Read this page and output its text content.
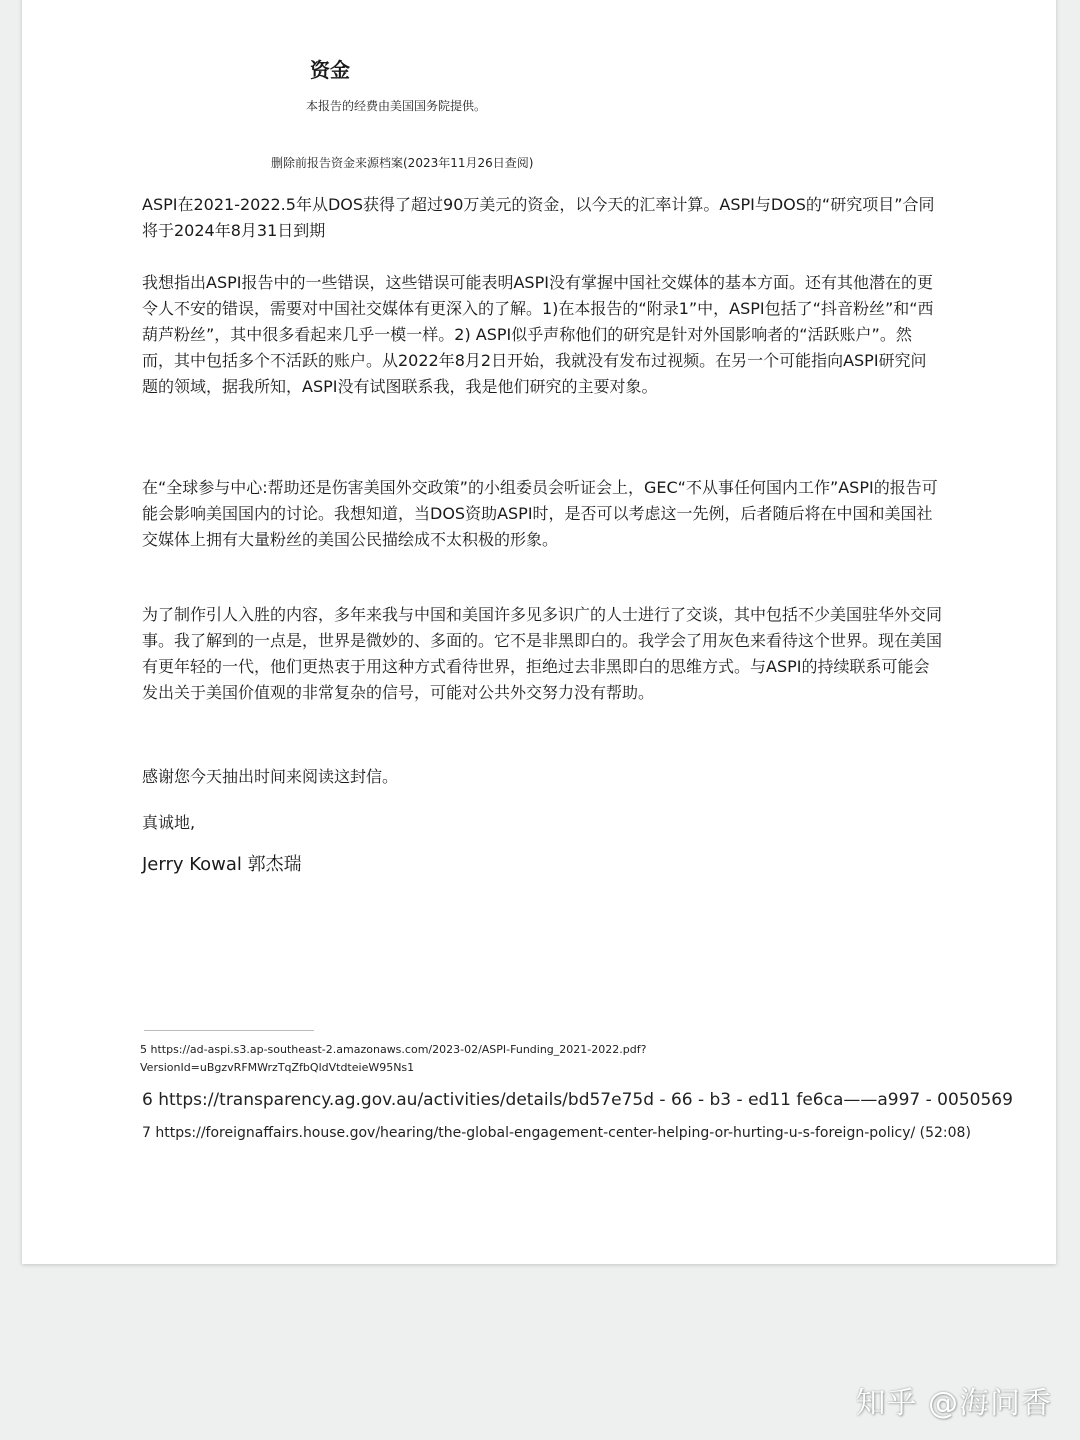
资金
本报告的经费由美国国务院提供。
删除前报告资金来源档案(2023年11月26日查阅)

ASPI在2021-2022.5年从DOS获得了超过90万美元的资金，以今天的汇率计算。ASPI与DOS的“研究项目”合同将于2024年8月31日到期

我想指出ASPI报告中的一些错误，这些错误可能表明ASPI没有掌握中国社交媒体的基本方面。还有其他潜在的更令人不安的错误，需要对中国社交媒体有更深入的了解。1)在本报告的“附录1”中，ASPI包括了“抖音粉丝”和“西葫芦粉丝”，其中很多看起来几乎一模一样。2) ASPI似乎声称他们的研究是针对外国影响者的“活跃账户”。然而，其中包括多个不活跃的账户。从2022年8月2日开始，我就没有发布过视频。在另一个可能指向ASPI研究问题的领域，据我所知，ASPI没有试图联系我，我是他们研究的主要对象。

在“全球参与中心:帮助还是伤害美国外交政策”的小组委员会听证会上，GEC“不从事任何国内工作”ASPI的报告可能会影响美国国内的讨论。我想知道，当DOS资助ASPI时，是否可以考虑这一先例，后者随后将在中国和美国社交媒体上拥有大量粉丝的美国公民描绘成不太积极的形象。

为了制作引人入胜的内容，多年来我与中国和美国许多见多识广的人士进行了交谈，其中包括不少美国驻华外交同事。我了解到的一点是，世界是微妙的、多面的。它不是非黑即白的。我学会了用灰色来看待这个世界。现在美国有更年轻的一代，他们更热衷于用这种方式看待世界，拒绝过去非黑即白的思维方式。与ASPI的持续联系可能会发出关于美国价值观的非常复杂的信号，可能对公共外交努力没有帮助。

感谢您今天抽出时间来阅读这封信。
真诚地,
Jerry Kowal 郭杰瑞
5 https://ad-aspi.s3.ap-southeast-2.amazonaws.com/2023-02/ASPI-Funding_2021-2022.pdf?
VersionId=uBgzvRFMWrzTqZfbQldVtdteieW95Ns1
6 https://transparency.ag.gov.au/activities/details/bd57e75d - 66 - b3 - ed11 fe6ca——a997 - 0050569
7 https://foreignaffairs.house.gov/hearing/the-global-engagement-center-helping-or-hurting-u-s-foreign-policy/ (52:08)
知乎 @海问香
